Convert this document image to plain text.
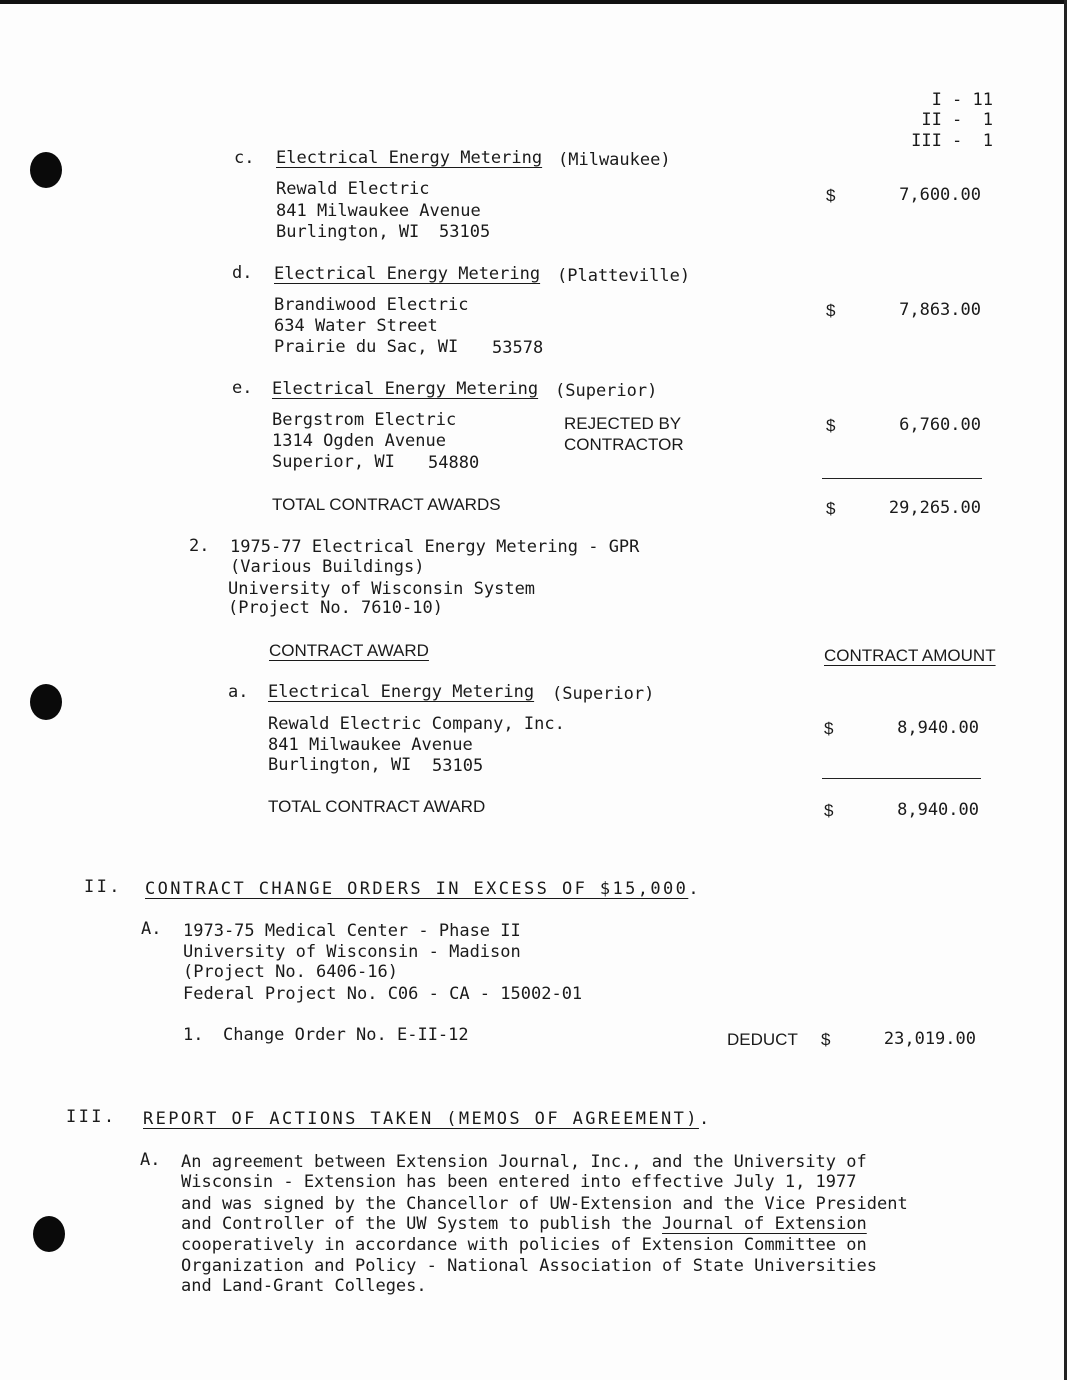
I - 11
II -  1
III -  1
c. Electrical Energy Metering (Milwaukee)
Rewald Electric
841 Milwaukee Avenue
Burlington, WI 53105
$	7,600.00
d. Electrical Energy Metering (Platteville)
Brandiwood Electric
634 Water Street
Prairie du Sac, WI 53578
$	7,863.00
e. Electrical Energy Metering (Superior)
Bergstrom Electric
1314 Ogden Avenue
Superior, WI 54880
REJECTED BY
CONTRACTOR
$	6,760.00
TOTAL CONTRACT AWARDS	$	29,265.00
2. 1975-77 Electrical Energy Metering - GPR
(Various Buildings)
University of Wisconsin System
(Project No. 7610-10)
CONTRACT AWARD	CONTRACT AMOUNT
a. Electrical Energy Metering (Superior)
Rewald Electric Company, Inc.
841 Milwaukee Avenue
Burlington, WI 53105
$	8,940.00
TOTAL CONTRACT AWARD	$	8,940.00
II. CONTRACT CHANGE ORDERS IN EXCESS OF $15,000.
A. 1973-75 Medical Center - Phase II
University of Wisconsin - Madison
(Project No. 6406-16)
Federal Project No. C06 - CA - 15002-01
1. Change Order No. E-II-12	DEDUCT $	23,019.00
III. REPORT OF ACTIONS TAKEN (MEMOS OF AGREEMENT).
A. An agreement between Extension Journal, Inc., and the University of
Wisconsin - Extension has been entered into effective July 1, 1977
and was signed by the Chancellor of UW-Extension and the Vice President
and Controller of the UW System to publish the Journal of Extension
cooperatively in accordance with policies of Extension Committee on
Organization and Policy - National Association of State Universities
and Land-Grant Colleges.
